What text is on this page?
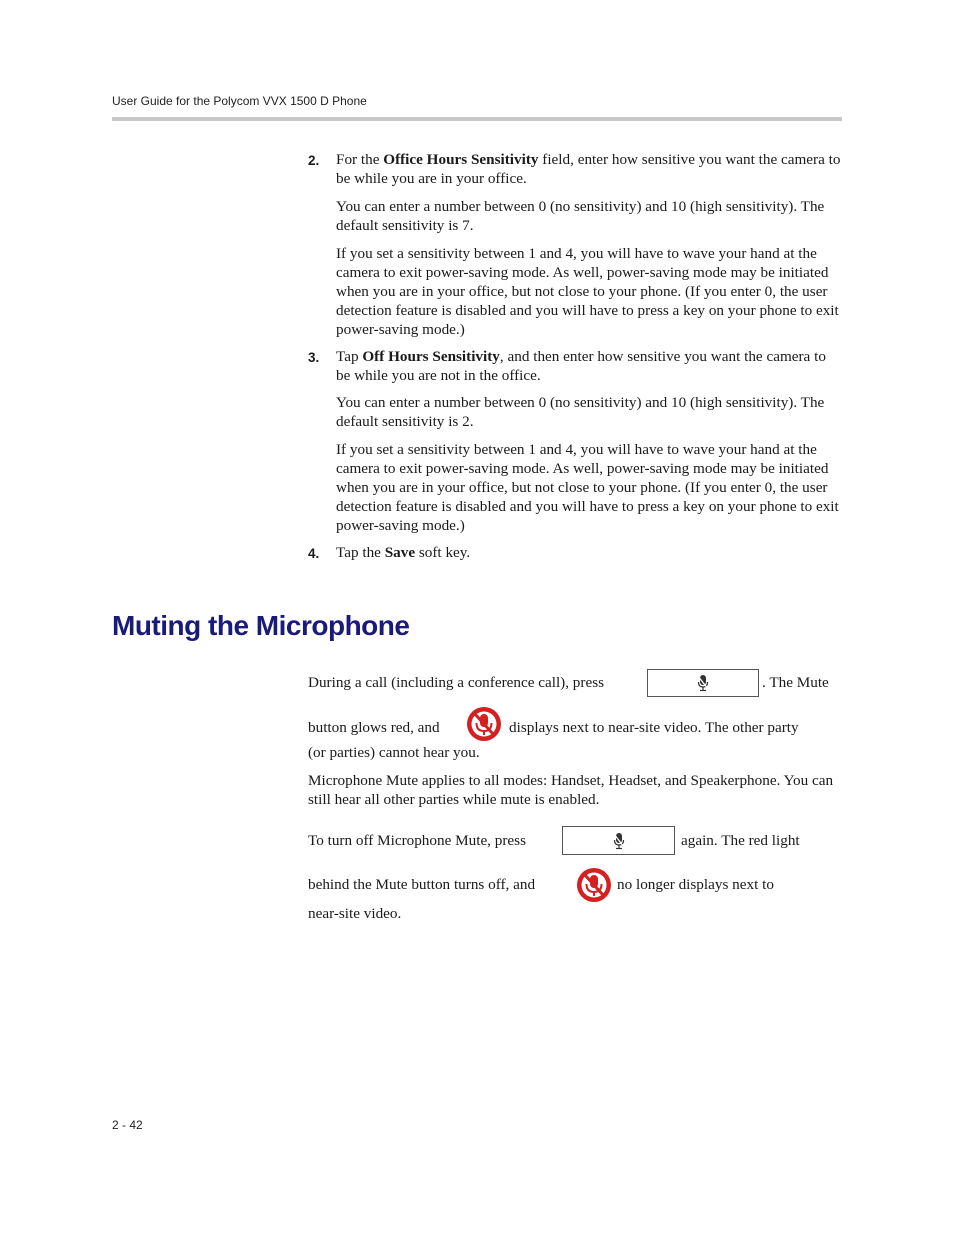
User Guide for the Polycom VVX 1500 D Phone
2. For the Office Hours Sensitivity field, enter how sensitive you want the camera to be while you are in your office.
You can enter a number between 0 (no sensitivity) and 10 (high sensitivity). The default sensitivity is 7.
If you set a sensitivity between 1 and 4, you will have to wave your hand at the camera to exit power-saving mode. As well, power-saving mode may be initiated when you are in your office, but not close to your phone. (If you enter 0, the user detection feature is disabled and you will have to press a key on your phone to exit power-saving mode.)
3. Tap Off Hours Sensitivity, and then enter how sensitive you want the camera to be while you are not in the office.
You can enter a number between 0 (no sensitivity) and 10 (high sensitivity). The default sensitivity is 2.
If you set a sensitivity between 1 and 4, you will have to wave your hand at the camera to exit power-saving mode. As well, power-saving mode may be initiated when you are in your office, but not close to your phone. (If you enter 0, the user detection feature is disabled and you will have to press a key on your phone to exit power-saving mode.)
4. Tap the Save soft key.
Muting the Microphone
During a call (including a conference call), press	. The Mute
button glows red, and	displays next to near-site video. The other party
(or parties) cannot hear you.
Microphone Mute applies to all modes: Handset, Headset, and Speakerphone. You can still hear all other parties while mute is enabled.
To turn off Microphone Mute, press	again. The red light
behind the Mute button turns off, and	no longer displays next to
near-site video.
2 - 42
